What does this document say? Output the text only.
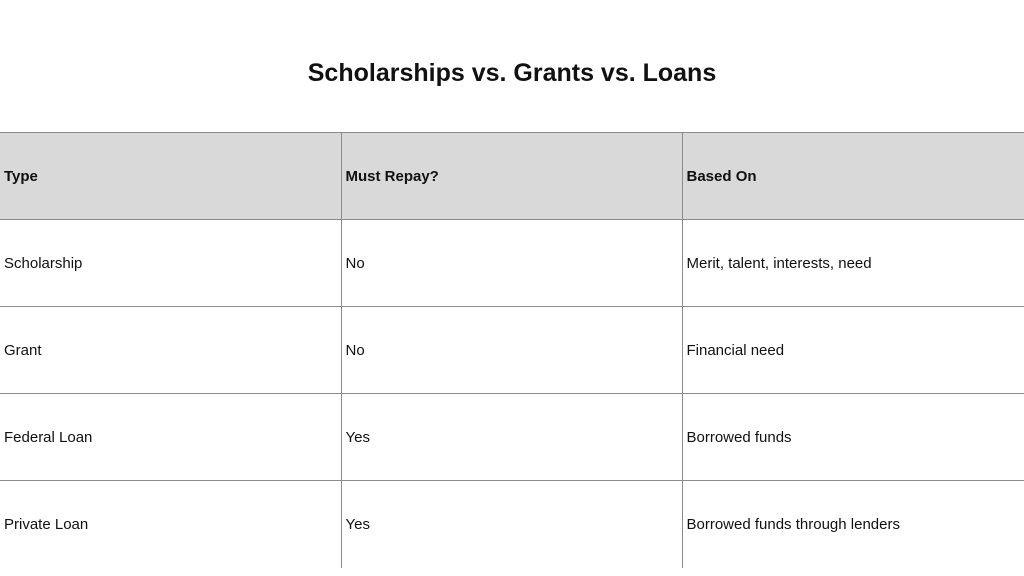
Scholarships vs. Grants vs. Loans
Type	Must Repay?	Based On
Scholarship	No	Merit, talent, interests, need
Grant	No	Financial need
Federal Loan	Yes	Borrowed funds
Private Loan	Yes	Borrowed funds through lenders
